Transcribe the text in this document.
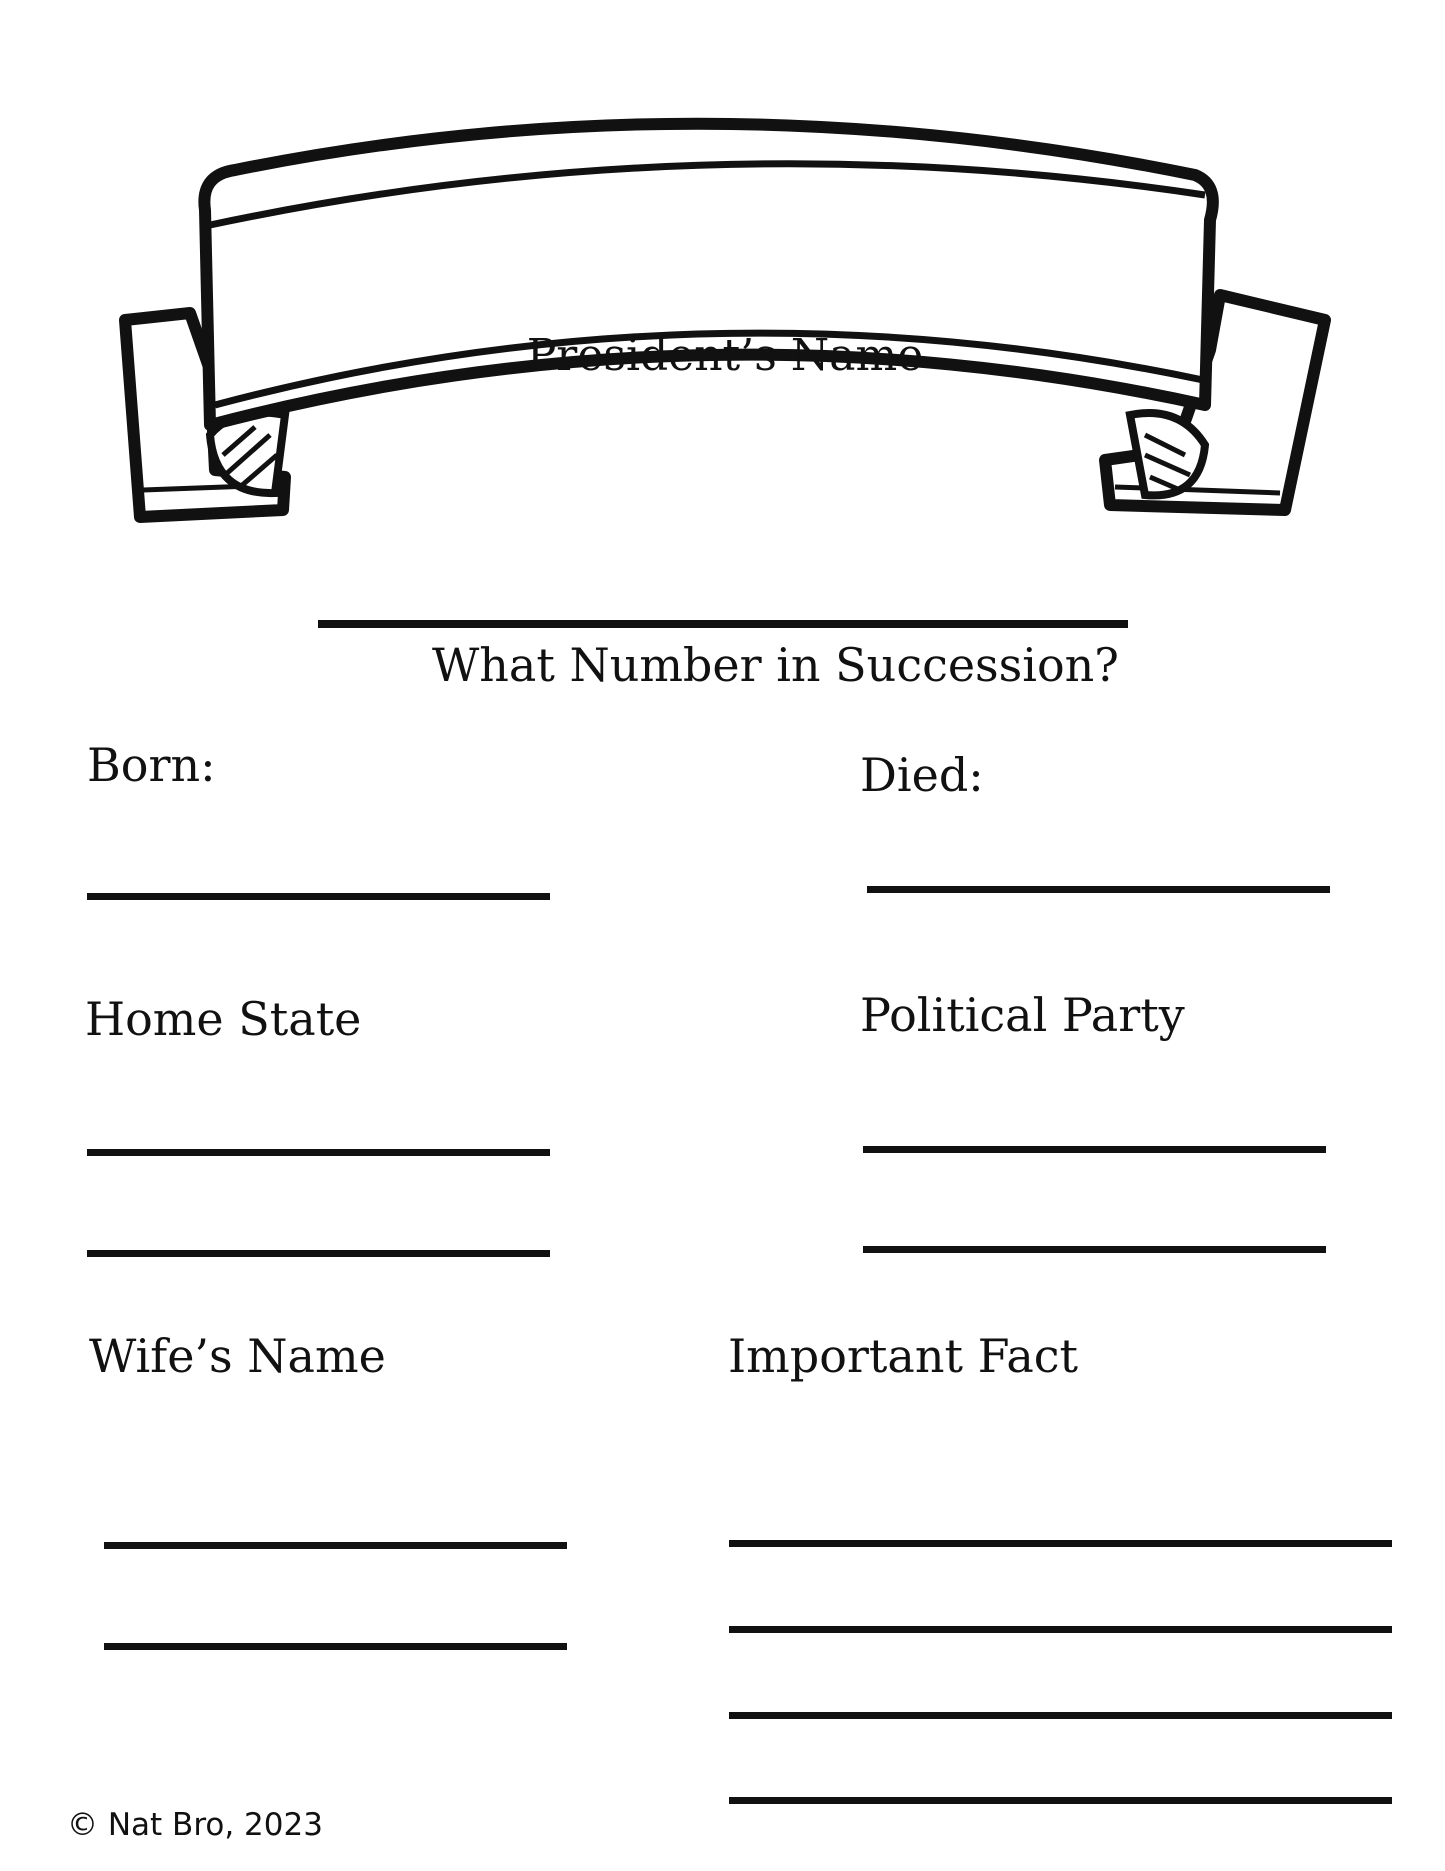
President’s Name
What Number in Succession?
Born:	Died:
Home State	Political Party
Wife’s Name	Important Fact
© Nat Bro, 2023
